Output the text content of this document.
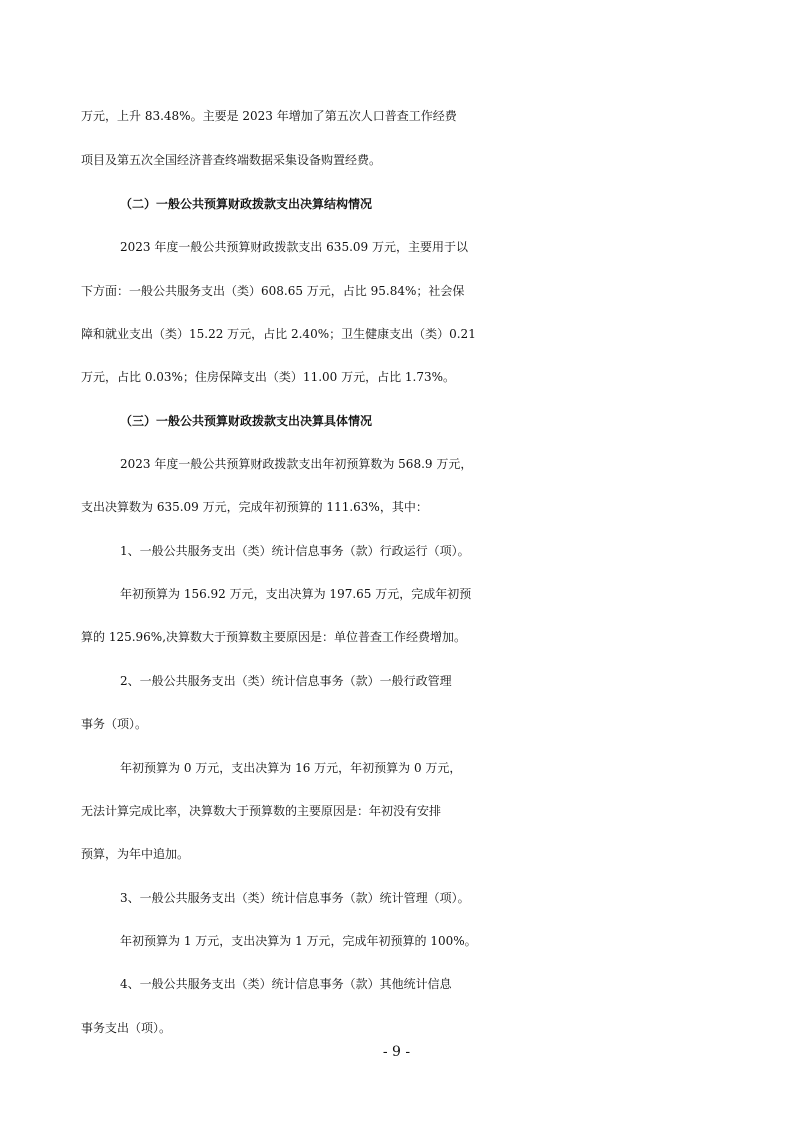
万元，上升 83.48%。主要是 2023 年增加了第五次人口普查工作经费
项目及第五次全国经济普查终端数据采集设备购置经费。
（二）一般公共预算财政拨款支出决算结构情况
2023 年度一般公共预算财政拨款支出 635.09 万元，主要用于以
下方面：一般公共服务支出（类）608.65 万元，占比 95.84%；社会保
障和就业支出（类）15.22 万元，占比 2.40%；卫生健康支出（类）0.21
万元，占比 0.03%；住房保障支出（类）11.00 万元，占比 1.73%。
（三）一般公共预算财政拨款支出决算具体情况
2023 年度一般公共预算财政拨款支出年初预算数为 568.9 万元，
支出决算数为 635.09 万元，完成年初预算的 111.63%，其中：
1、一般公共服务支出（类）统计信息事务（款）行政运行（项）。
年初预算为 156.92 万元，支出决算为 197.65 万元，完成年初预
算的 125.96%,决算数大于预算数主要原因是：单位普查工作经费增加。
2、一般公共服务支出（类）统计信息事务（款）一般行政管理
事务（项）。
年初预算为 0 万元，支出决算为 16 万元，年初预算为 0 万元，
无法计算完成比率，决算数大于预算数的主要原因是：年初没有安排
预算，为年中追加。
3、一般公共服务支出（类）统计信息事务（款）统计管理（项）。
年初预算为 1 万元，支出决算为 1 万元，完成年初预算的 100%。
4、一般公共服务支出（类）统计信息事务（款）其他统计信息
事务支出（项）。
- 9 -
